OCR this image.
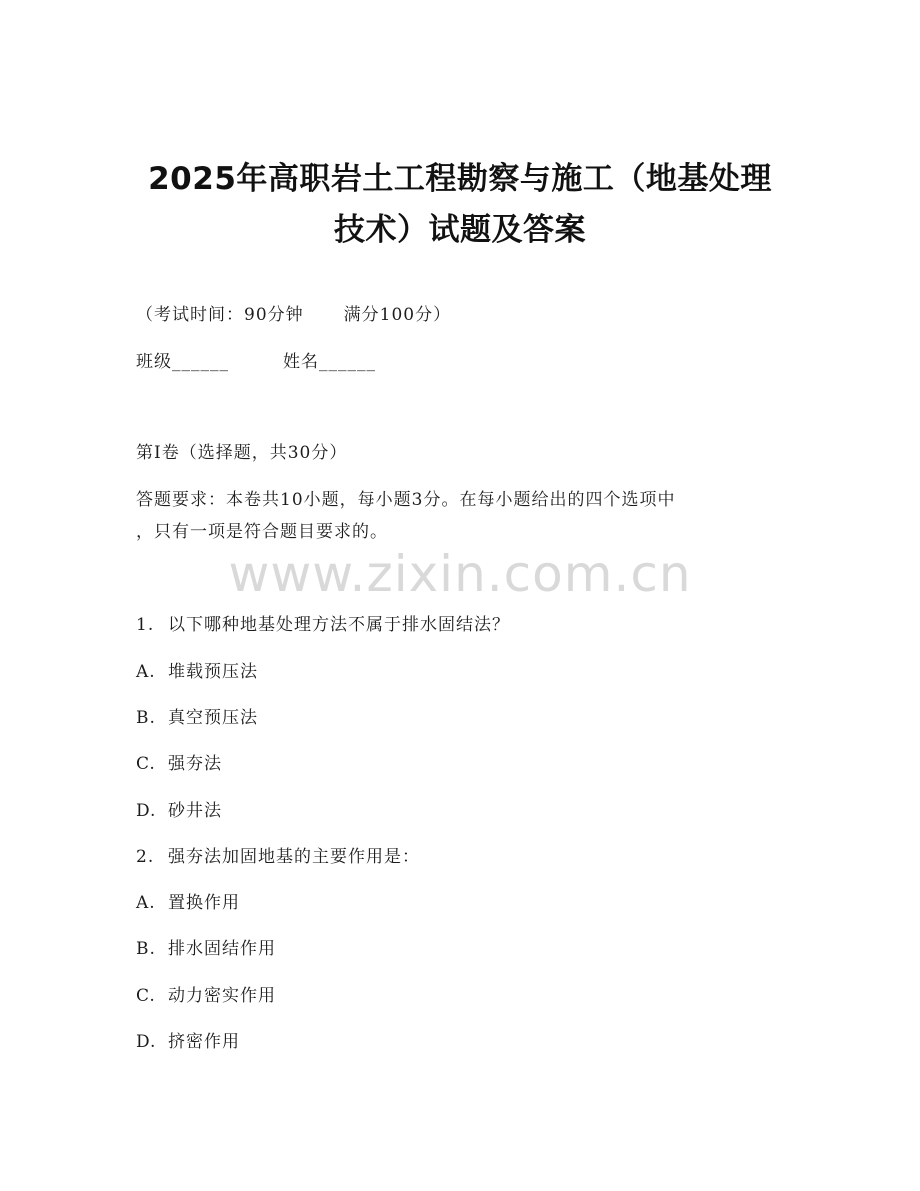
2025年高职岩土工程勘察与施工（地基处理
技术）试题及答案
（考试时间：90分钟 满分100分）
班级______	姓名______
第I卷（选择题，共30分）
答题要求：本卷共10小题，每小题3分。在每小题给出的四个选项中
，只有一项是符合题目要求的。
www.zixin.com.cn
1. 以下哪种地基处理方法不属于排水固结法？
A. 堆载预压法
B. 真空预压法
C. 强夯法
D. 砂井法
2. 强夯法加固地基的主要作用是：
A. 置换作用
B. 排水固结作用
C. 动力密实作用
D. 挤密作用
